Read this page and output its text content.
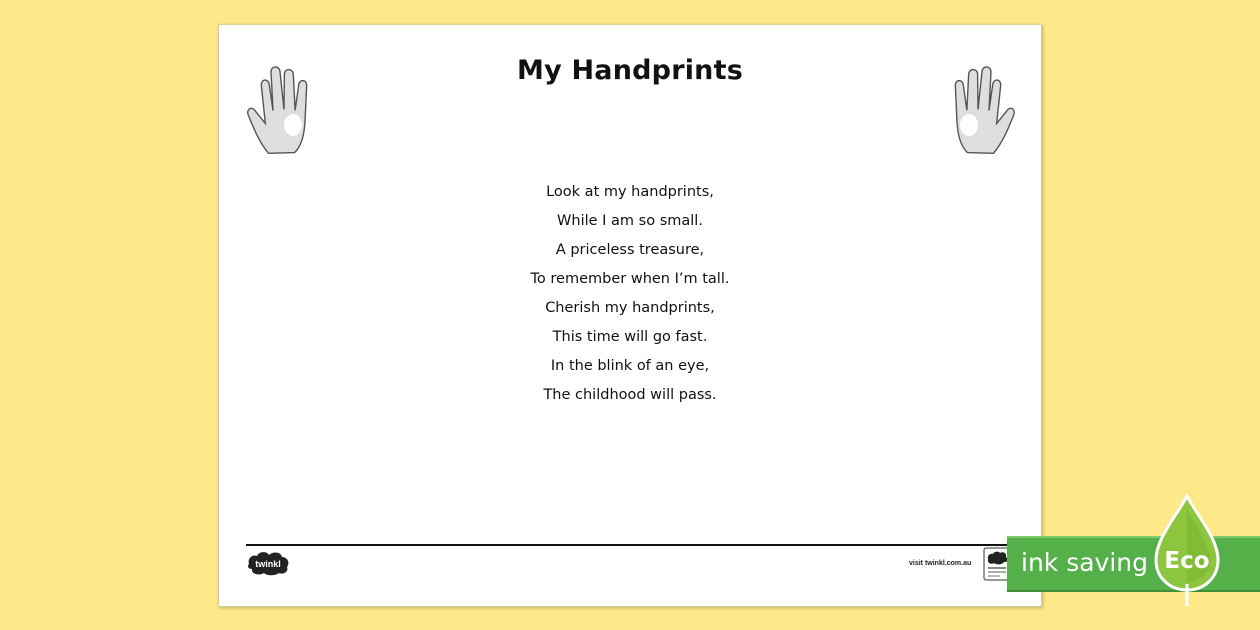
My Handprints
Look at my handprints,
While I am so small.
A priceless treasure,
To remember when I’m tall.
Cherish my handprints,
This time will go fast.
In the blink of an eye,
The childhood will pass.
twinkl	visit twinkl.com.au ink saving Eco
